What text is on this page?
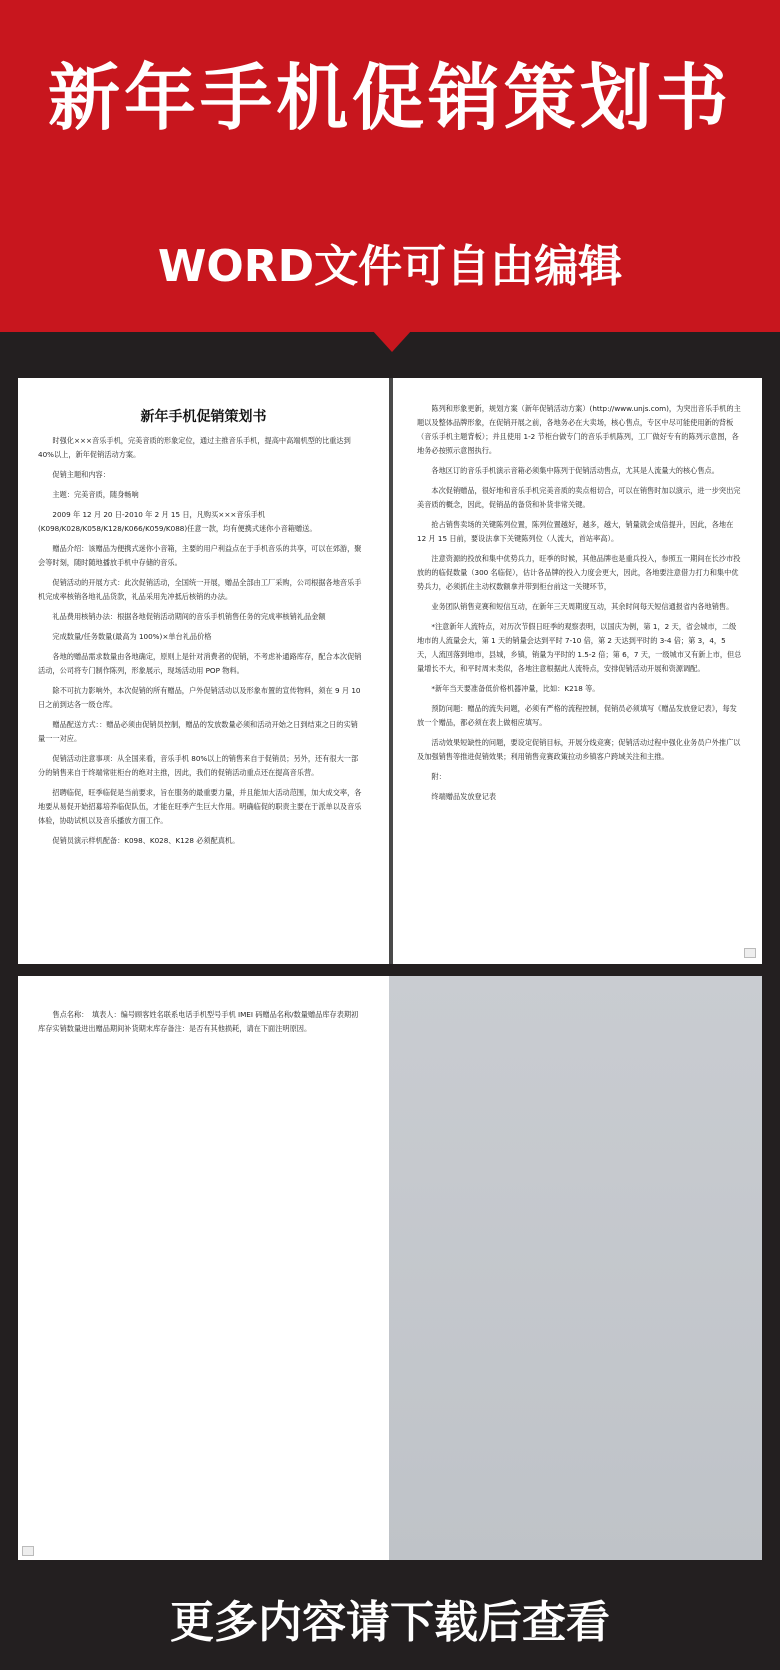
新年手机促销策划书
WORD文件可自由编辑
新年手机促销策划书

时强化×××音乐手机，完美音质的形象定位，通过主推音乐手机，提高中高端机型的比重达到 40%以上，新年促销活动方案。

促销主题和内容：

主题：完美音质，随身畅响

2009 年 12 月 20 日-2010 年 2 月 15 日，凡购买×××音乐手机(K098/K028/K058/K128/K066/K059/K088)任意一款，均有便携式迷你小音箱赠送。

赠品介绍：该赠品为便携式迷你小音箱，主要的用户利益点在于手机音乐的共享，可以在郊游，聚会等时刻，随时随地播放手机中存储的音乐。

促销活动的开展方式：此次促销活动，全国统一开展，赠品全部由工厂采购，公司根据各地音乐手机完成率核销各地礼品货款，礼品采用先冲抵后核销的办法。

礼品费用核销办法：根据各地促销活动期间的音乐手机销售任务的完成率核销礼品金额

完成数量/任务数量(最高为 100%)×单台礼品价格

各地的赠品需求数量由各地确定，原则上是针对消费者的促销，不考虑补通路库存，配合本次促销活动，公司将专门制作陈列，形象展示，现场活动用 POP 物料。

除不可抗力影响外，本次促销的所有赠品，户外促销活动以及形象布置的宣传物料，须在 9 月 10 日之前到达各一级仓库。

赠品配送方式：：赠品必须由促销员控制，赠品的发放数量必须和活动开始之日到结束之日的实销量一一对应。

促销活动注意事项：从全国来看，音乐手机 80%以上的销售来自于促销员；另外，还有很大一部分的销售来自于终端常驻柜台的绝对主推，因此，我们的促销活动重点还在提高音乐营。

招聘临促，旺季临促是当前要求，旨在服务的最重要力量，并且能加大活动范围，加大成交率，各地要从易促开始招募培养临促队伍，才能在旺季产生巨大作用。明确临促的职责主要在于派单以及音乐体验，协助试机以及音乐播放方面工作。

促销员演示样机配备：K098、K028、K128 必须配真机。

陈列和形象更新，规划方案（新年促销活动方案）(http://www.unjs.com)，为突出音乐手机的主题以及整体品牌形象，在促销开展之前，各地务必在大卖场，核心售点，专区中尽可能使用新的背板（音乐手机主题背板）；并且使用 1-2 节柜台做专门的音乐手机陈列，工厂做好专有的陈列示意图，各地务必按照示意图执行。

各地区订的音乐手机演示音箱必须集中陈列于促销活动售点，尤其是人流量大的核心售点。

本次促销赠品，很好地和音乐手机完美音质的卖点相切合，可以在销售时加以演示，进一步突出完美音质的概念，因此，促销品的备货和补货非常关键。

抢占销售卖场的关键陈列位置，陈列位置越好，越多，越大，销量就会成倍提升，因此，各地在 12 月 15 日前，要设法拿下关键陈列位（人流大，首站率高）。

注意资源的投放和集中优势兵力，旺季的时候，其他品牌也是重兵投入，参照五一期间在长沙市投放的的临促数量（300 名临促），估计各品牌的投入力度会更大，因此，各地要注意借力打力和集中优势兵力，必须抓住主动权数额拿并带到柜台前这一关键环节，

业务团队销售竞赛和短信互动，在新年三天周期度互动，其余时间每天短信通报省内各地销售。

*注意新年人流特点，对历次节假日旺季的观察表明，以国庆为例，第 1，2 天，省会城市，二级地市的人流量会大，第 1 天的销量会达到平时 7-10 倍，第 2 天达到平时的 3-4 倍；第 3，4，5 天，人流回落到地市，县城，乡镇，销量为平时的 1.5-2 倍；第 6，7 天，一级城市又有新上市，但总量增长不大，和平时周末类似，各地注意根据此人流特点，安排促销活动开展和资源调配。

*新年当天要准备低价格机器冲量，比如：K218 等。

预防问题：赠品的流失问题，必须有严格的流程控制，促销员必须填写《赠品发放登记表》，每发放一个赠品，都必须在表上做相应填写。

活动效果短缺性的问题，要设定促销目标，开展分线竞赛；促销活动过程中强化业务员户外推广以及加强销售等推进促销效果；利用销售竞赛政策拉动乡镇客户跨域关注和主推。

附：

终端赠品发放登记表

售点名称：　填表人：编号顾客姓名联系电话手机型号手机 IMEI 码赠品名称/数量赠品库存表期初库存实销数量进出赠品期间补货期末库存备注：是否有其他损耗，请在下面注明原因。

更多内容请下载后查看
